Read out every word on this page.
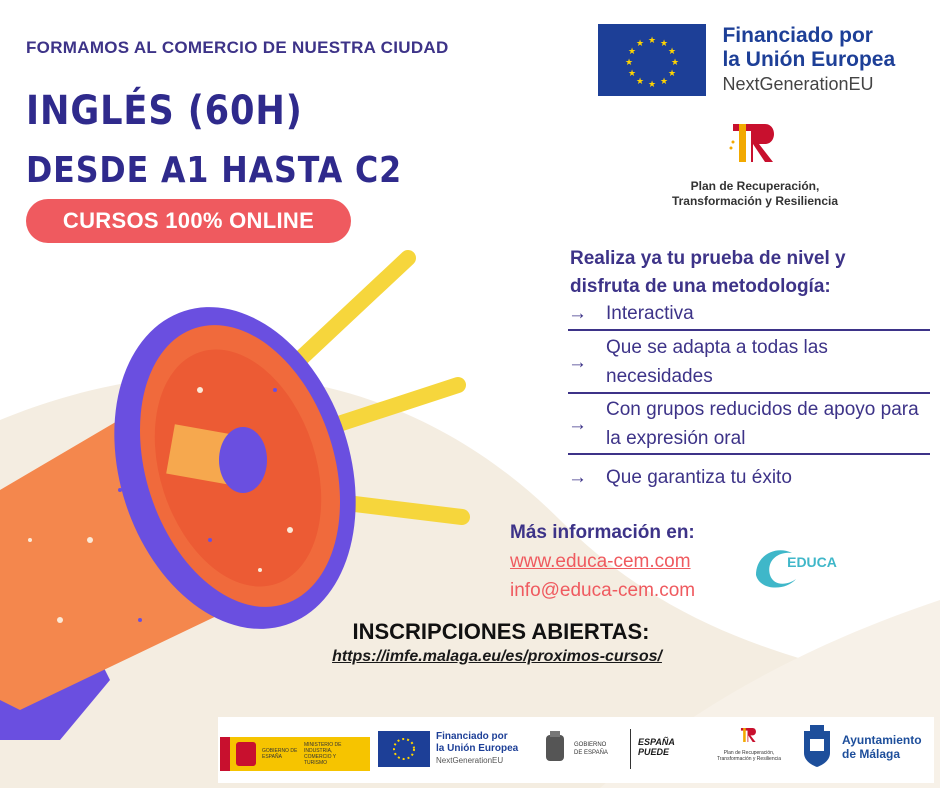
FORMAMOS AL COMERCIO DE NUESTRA CIUDAD
INGLÉS (60H)
DESDE A1 HASTA C2
CURSOS 100% ONLINE
★ ★
★
★
★
★
★
★
★
★
★
★
	Financiado por
la Unión Europea
NextGenerationEU
Plan de Recuperación,
Transformación y Resiliencia
Realiza ya tu prueba de nivel y disfruta de una metodología:
→	Interactiva
→
Que se adapta a todas las necesidades
→
Con grupos reducidos de apoyo para la expresión oral
→	Que garantiza tu éxito
Más información en:
www.educa-cem.com
info@educa-cem.com
EDUCA
CEM
INSCRIPCIONES ABIERTAS:
https://imfe.malaga.eu/es/proximos-cursos/
GOBIERNO DE ESPAÑA
MINISTERIO DE INDUSTRIA, COMERCIO Y TURISMO
Financiado por
la Unión Europea
NextGenerationEU
GOBIERNO DE ESPAÑA
ESPAÑA
PUEDE	Plan de Recuperación,
Transformación y Resiliencia
Ayuntamiento
de Málaga
